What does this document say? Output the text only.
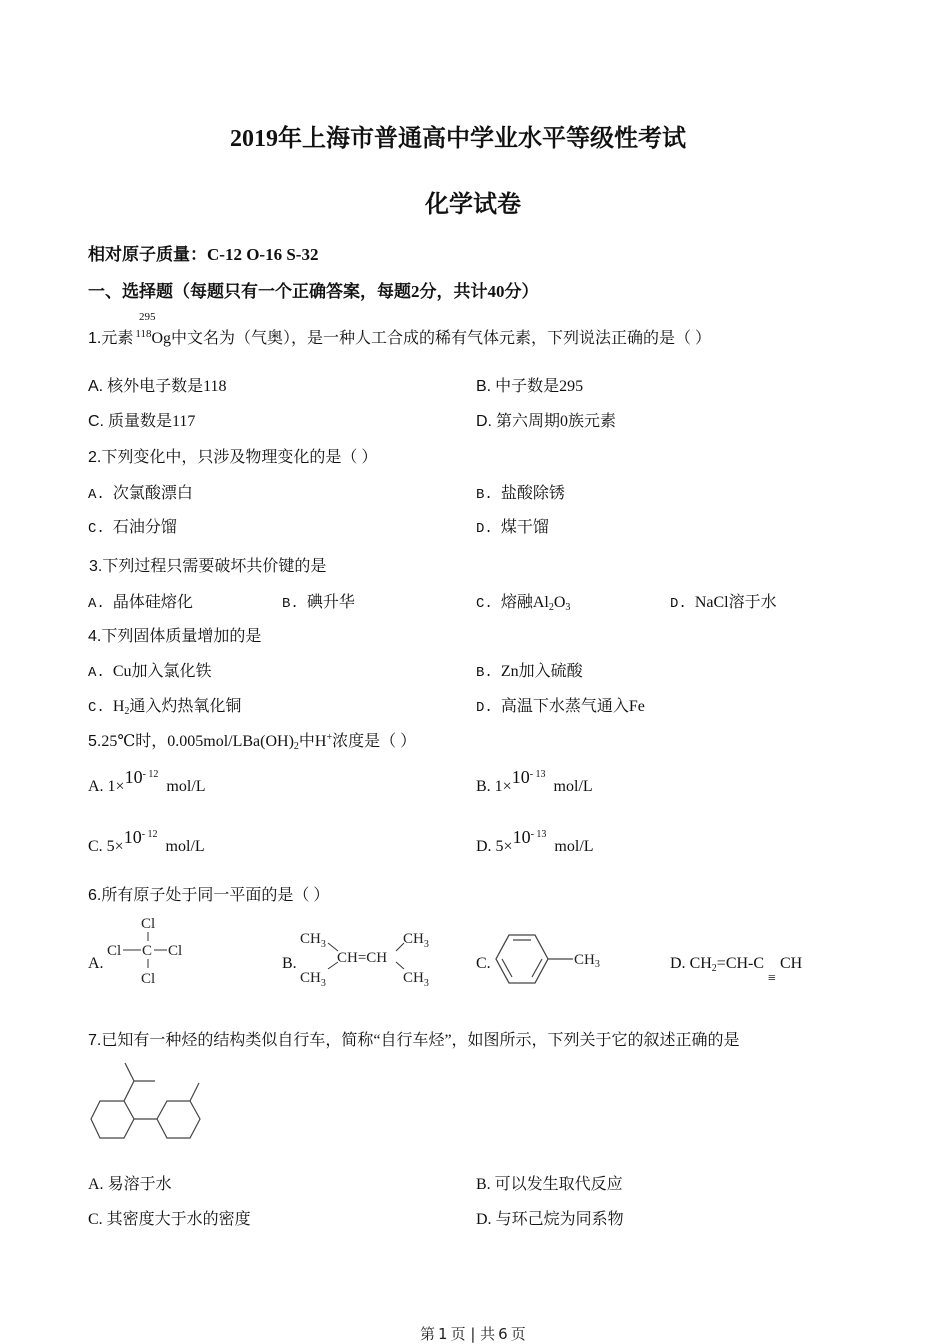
2019年上海市普通高中学业水平等级性考试
化学试卷
相对原子质量：C-12 O-16 S-32
一、选择题（每题只有一个正确答案，每题2分，共计40分）
295
1.元素 $^{118}$Og中文名为（气奥），是一种人工合成的稀有气体元素，下列说法正确的是（ ）
A. 核外电子数是118	B. 中子数是295
C. 质量数是117	D. 第六周期0族元素
2.下列变化中，只涉及物理变化的是（ ）
A. 次氯酸漂白	B. 盐酸除锈
C. 石油分馏	D. 煤干馏
3.下列过程只需要破坏共价键的是
A. 晶体硅熔化	B. 碘升华	C. 熔融$Al_2O_3$	D. NaCl溶于水
4.下列固体质量增加的是
A. Cu加入氯化铁	B. Zn加入硫酸
C. $H_2$通入灼热氧化铜	D. 高温下水蒸气通入Fe
5.25℃时，$0.005mol/LBa(OH)_2$中H+浓度是（ ）
A. $1\times 10^{- 12}$  mol/L	B. $1\times 10^{- 13}$  mol/L
C. $5\times 10^{- 12}$  mol/L	D. $5\times 10^{- 13}$  mol/L
6.所有原子处于同一平面的是（ ）
A.
Cl
Cl C Cl
Cl
B.
$CH_3$
$CH_3$
CH=CH
$CH_3$
$CH_3$
C.	$CH_3$	D. $CH_2=CH-C\equiv CH$
7.已知有一种烃的结构类似自行车，简称“自行车烃”，如图所示，下列关于它的叙述正确的是
A. 易溶于水	B. 可以发生取代反应
C. 其密度大于水的密度	D. 与环己烷为同系物
第 1 页 | 共 6 页
